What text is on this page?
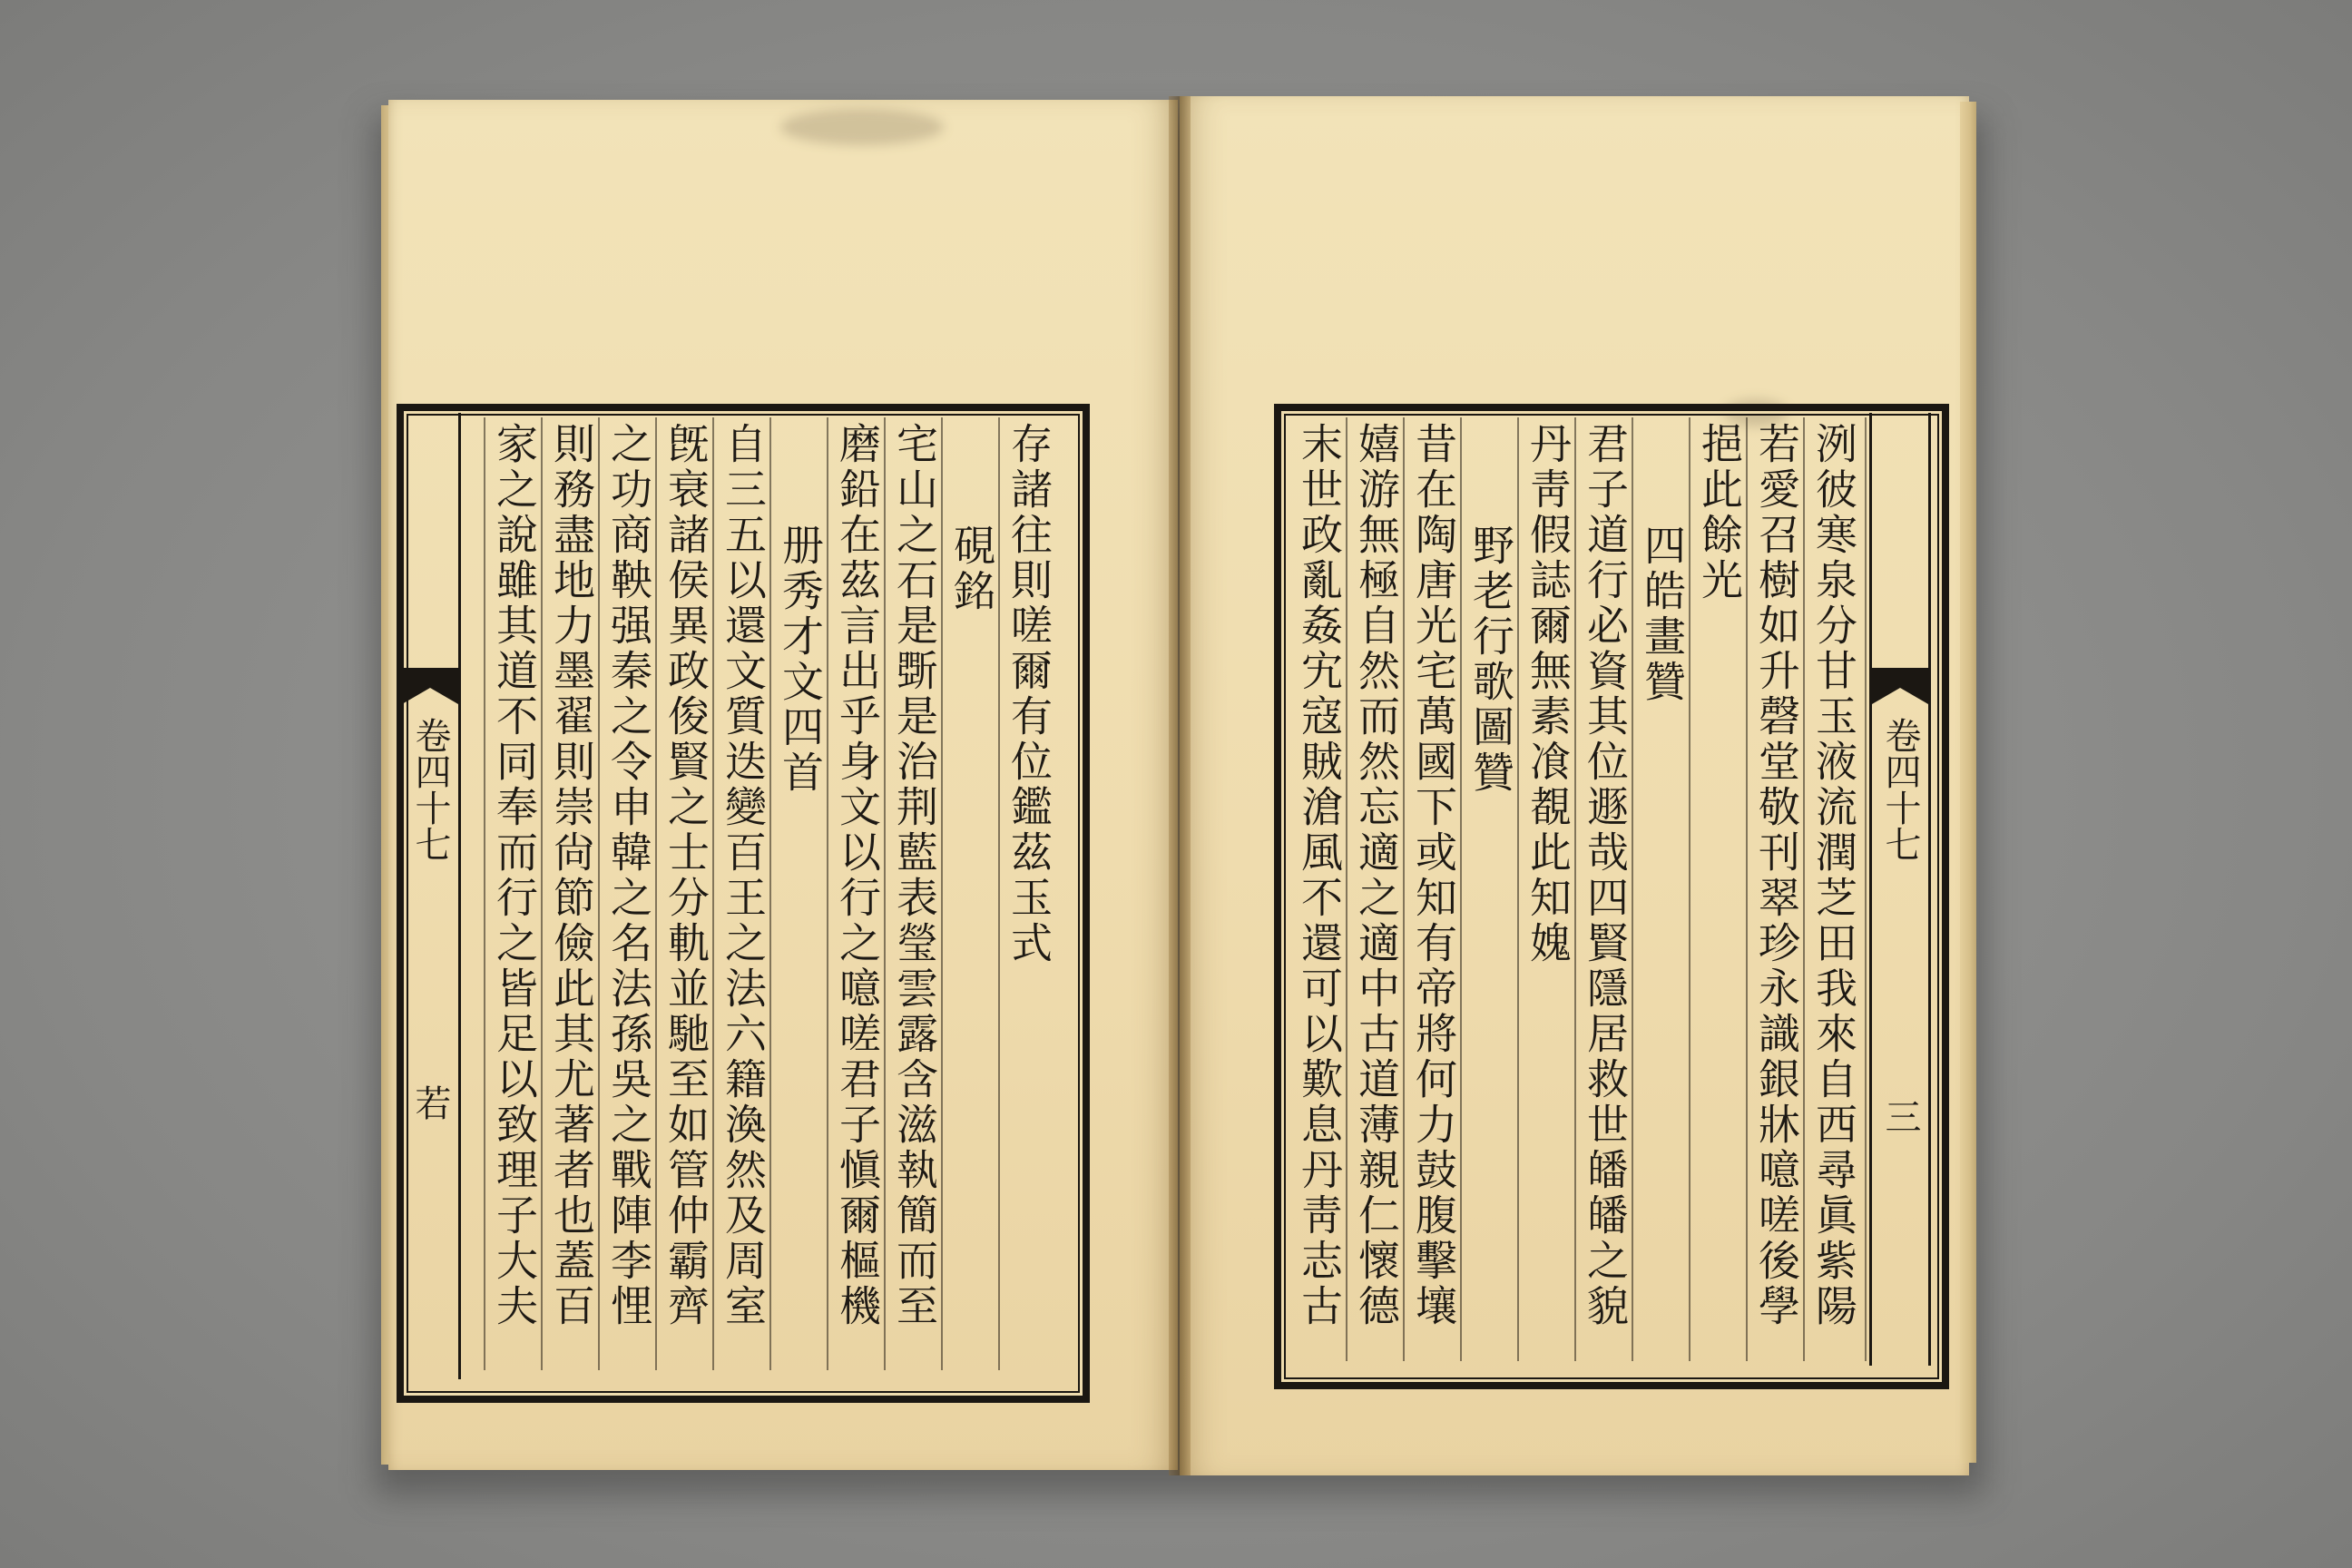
卷四十七
若
存諸往則嗟爾有位鑑茲玉式
硯銘
宅山之石是斲是治荆藍表瑩雲露含滋執簡而至
磨鉛在茲言出乎身文以行之噫嗟君子愼爾樞機
册秀才文四首
自三五以還文質迭變百王之法六籍渙然及周室
旣衰諸侯異政俊賢之士分軌並馳至如管仲霸齊
之功商鞅强秦之令申韓之名法孫吳之戰陣李悝
則務盡地力墨翟則崇尙節儉此其尤著者也蓋百
家之說雖其道不同奉而行之皆足以致理子大夫	卷四十七
三
洌彼寒泉分甘玉液流潤芝田我來自西尋眞紫陽
若愛召樹如升磬堂敬刊翠珍永識銀牀噫嗟後學
挹此餘光
四皓畫贊
君子道行必資其位遯哉四賢隱居救世皤皤之貌
丹靑假誌爾無素飡覩此知媿
野老行歌圖贊
昔在陶唐光宅萬國下或知有帝將何力鼓腹擊壤
嬉游無極自然而然忘適之適中古道薄親仁懷德
末世政亂姦宄寇賊滄風不還可以歎息丹靑志古
